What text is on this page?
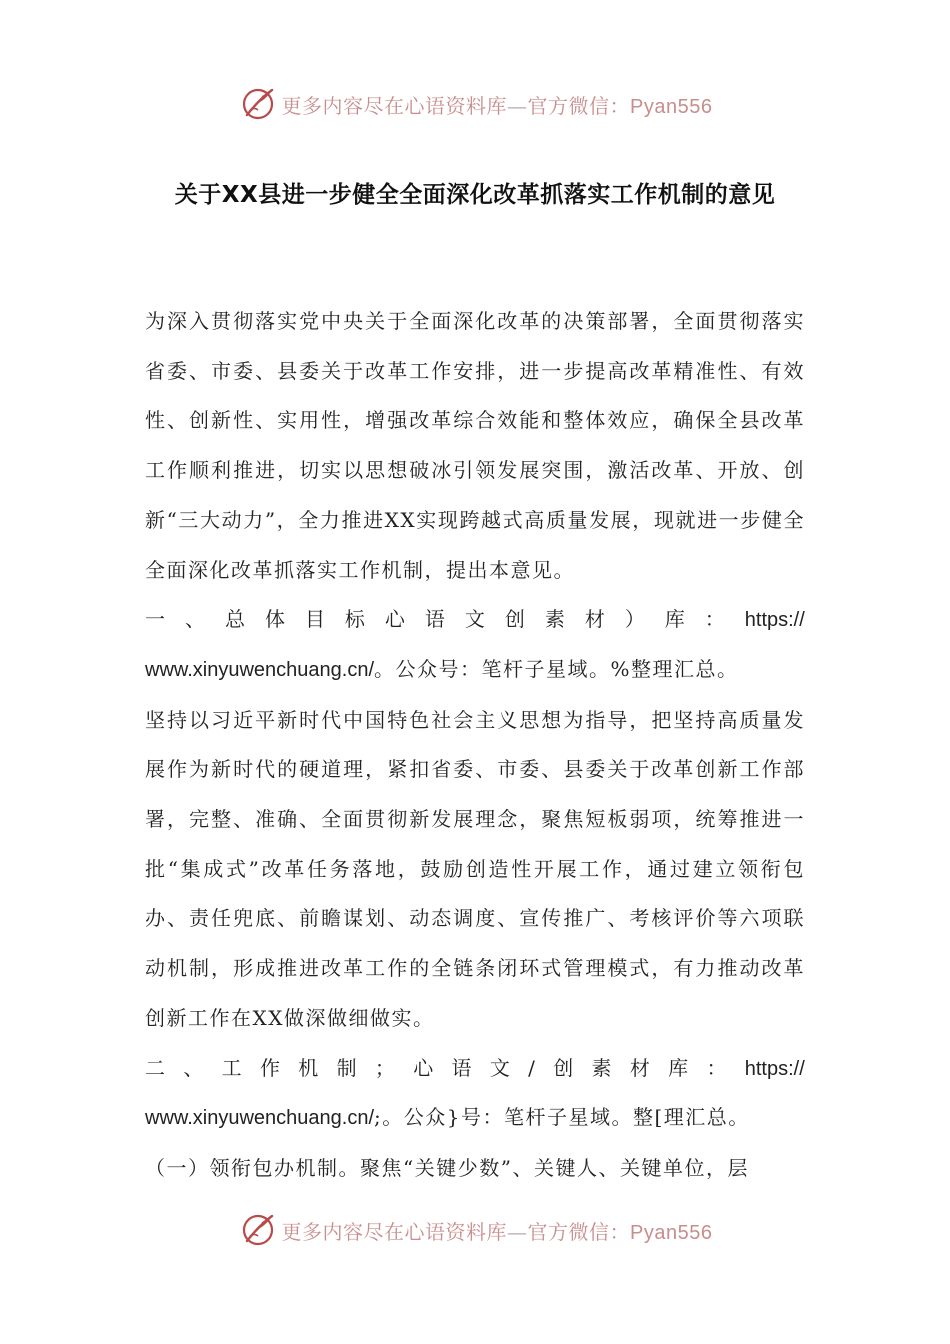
更多内容尽在心语资料库—官方微信：Pyan556
关于XX县进一步健全全面深化改革抓落实工作机制的意见

为深入贯彻落实党中央关于全面深化改革的决策部署，全面贯彻落实省委、市委、县委关于改革工作安排，进一步提高改革精准性、有效性、创新性、实用性，增强改革综合效能和整体效应，确保全县改革工作顺利推进，切实以思想破冰引领发展突围，激活改革、开放、创新“三大动力”，全力推进XX实现跨越式高质量发展，现就进一步健全全面深化改革抓落实工作机制，提出本意见。

一 、 总 体 目 标 心 语 文 创 素 材 ） 库 ： https://

www.xinyuwenchuang.cn/。公众号：笔杆子星域。%整理汇总。

坚持以习近平新时代中国特色社会主义思想为指导，把坚持高质量发展作为新时代的硬道理，紧扣省委、市委、县委关于改革创新工作部署，完整、准确、全面贯彻新发展理念，聚焦短板弱项，统筹推进一批“集成式”改革任务落地，鼓励创造性开展工作，通过建立领衔包办、责任兜底、前瞻谋划、动态调度、宣传推广、考核评价等六项联动机制，形成推进改革工作的全链条闭环式管理模式，有力推动改革创新工作在XX做深做细做实。

二 、 工 作 机 制 ； 心 语 文 / 创 素 材 库 ： https://

www.xinyuwenchuang.cn/;。公众}号：笔杆子星域。整[理汇总。

（一）领衔包办机制。聚焦“关键少数”、关键人、关键单位，层

更多内容尽在心语资料库—官方微信：Pyan556
